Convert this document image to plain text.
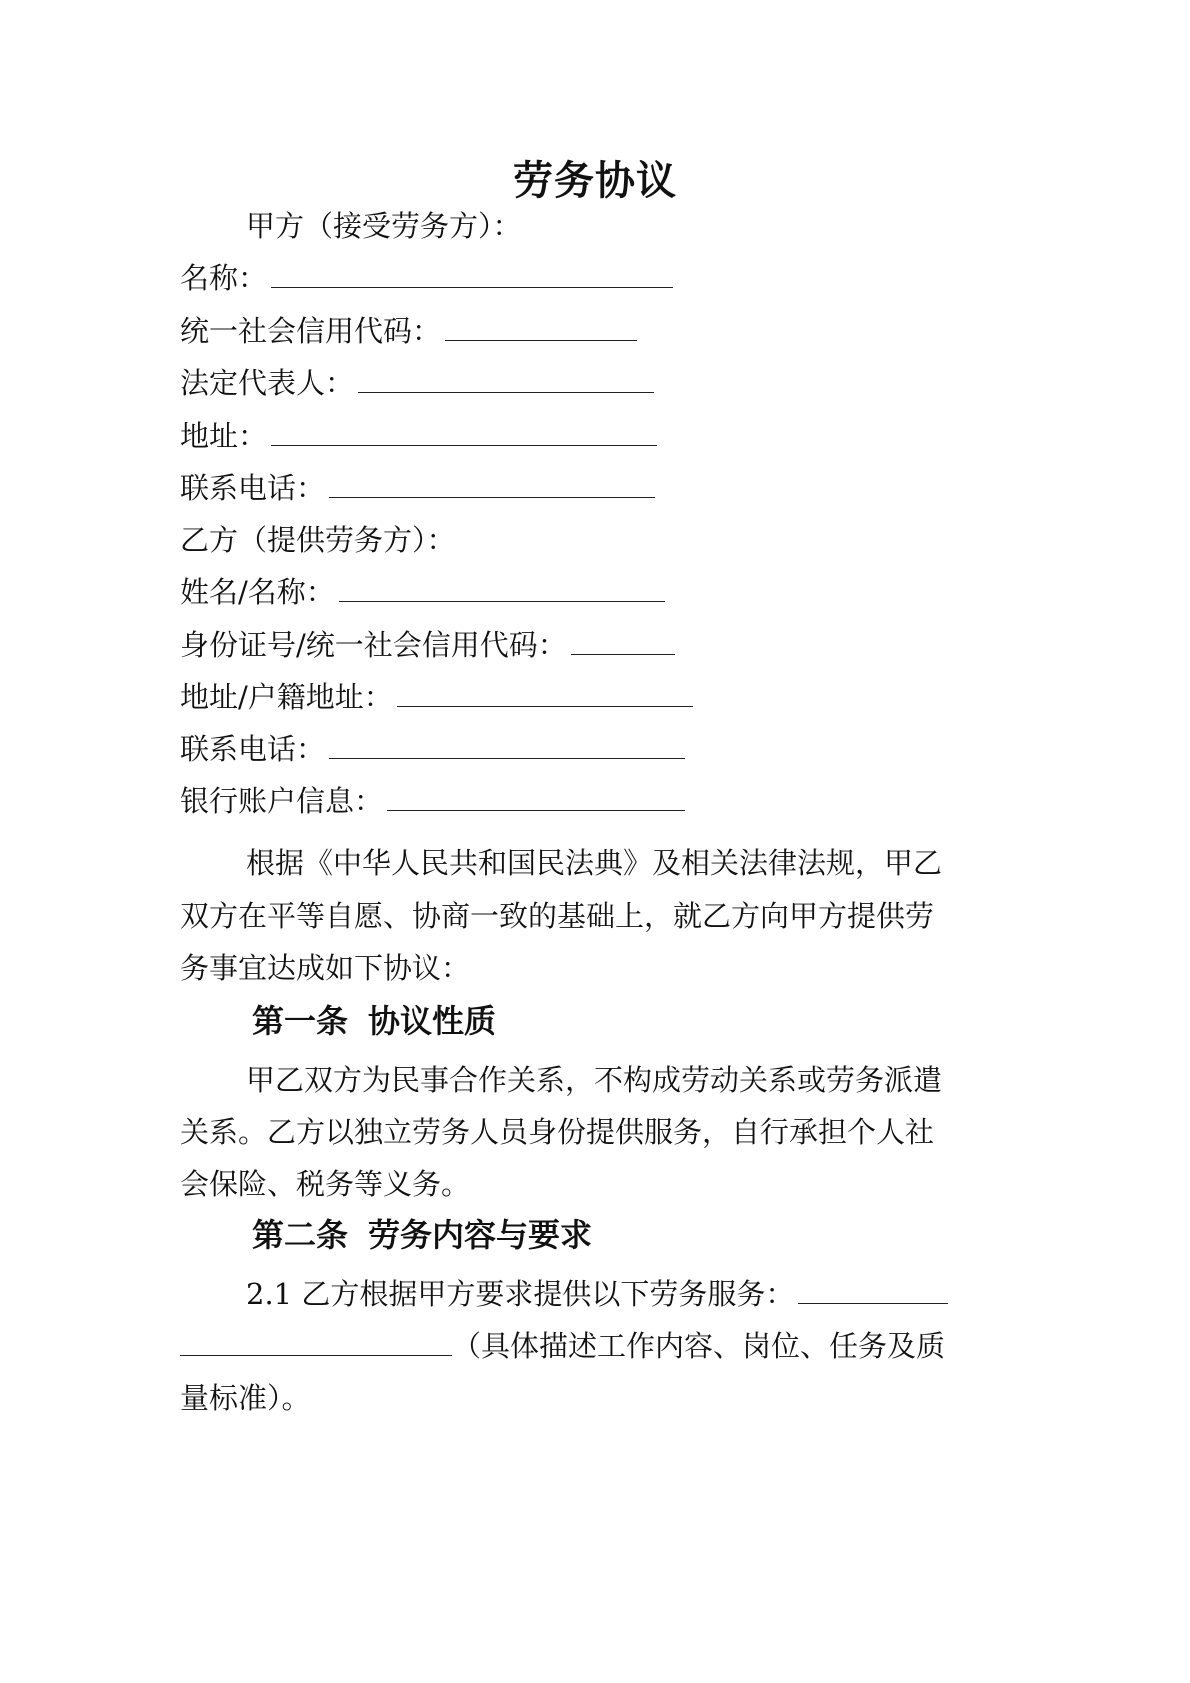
劳务协议
甲方（接受劳务方）：
名称：
统一社会信用代码：
法定代表人：
地址：
联系电话：
乙方（提供劳务方）：
姓名/名称：
身份证号/统一社会信用代码：
地址/户籍地址：
联系电话：
银行账户信息：
根据《中华人民共和国民法典》及相关法律法规，甲乙
双方在平等自愿、协商一致的基础上，就乙方向甲方提供劳
务事宜达成如下协议：
第一条 协议性质
甲乙双方为民事合作关系，不构成劳动关系或劳务派遣
关系。乙方以独立劳务人员身份提供服务，自行承担个人社
会保险、税务等义务。
第二条 劳务内容与要求
2.1 乙方根据甲方要求提供以下劳务服务：
（具体描述工作内容、岗位、任务及质
量标准）。
